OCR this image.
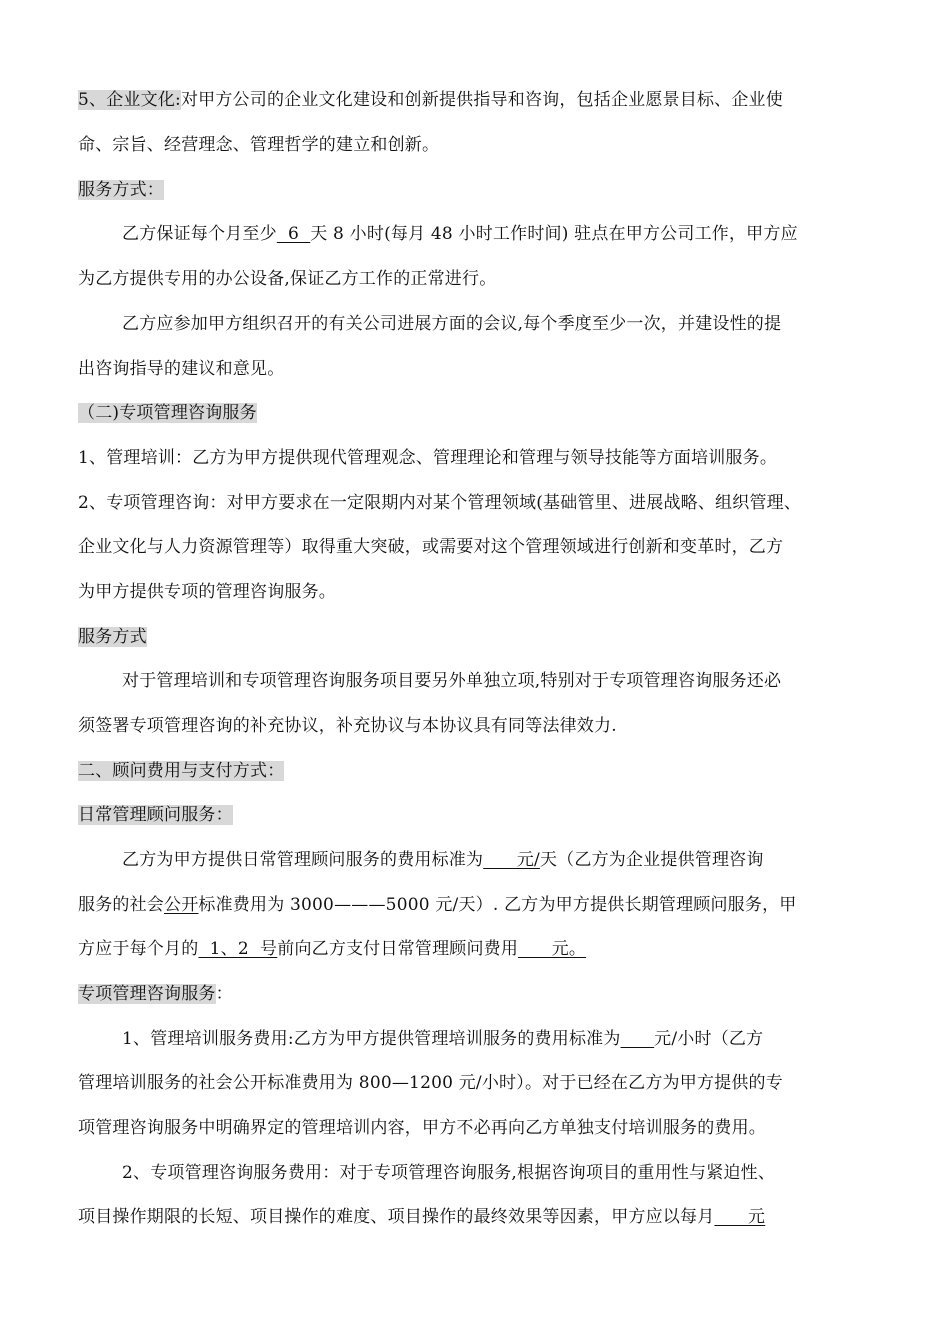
5、企业文化:对甲方公司的企业文化建设和创新提供指导和咨询，包括企业愿景目标、企业使
命、宗旨、经营理念、管理哲学的建立和创新。
服务方式：
乙方保证每个月至少  6  天 8 小时(每月 48 小时工作时间) 驻点在甲方公司工作，甲方应
为乙方提供专用的办公设备,保证乙方工作的正常进行。
乙方应参加甲方组织召开的有关公司进展方面的会议,每个季度至少一次，并建设性的提
出咨询指导的建议和意见。
（二)专项管理咨询服务
1、管理培训：乙方为甲方提供现代管理观念、管理理论和管理与领导技能等方面培训服务。
2、专项管理咨询：对甲方要求在一定限期内对某个管理领域(基础管里、进展战略、组织管理、
企业文化与人力资源管理等）取得重大突破，或需要对这个管理领域进行创新和变革时，乙方
为甲方提供专项的管理咨询服务。
服务方式
对于管理培训和专项管理咨询服务项目要另外单独立项,特别对于专项管理咨询服务还必
须签署专项管理咨询的补充协议，补充协议与本协议具有同等法律效力.
二、顾问费用与支付方式：
日常管理顾问服务：
乙方为甲方提供日常管理顾问服务的费用标准为      元/天（乙方为企业提供管理咨询
服务的社会公开标准费用为 3000———5000 元/天）. 乙方为甲方提供长期管理顾问服务，甲
方应于每个月的  1、2  号前向乙方支付日常管理顾问费用      元。
专项管理咨询服务：
1、管理培训服务费用:乙方为甲方提供管理培训服务的费用标准为 元/小时（乙方
管理培训服务的社会公开标准费用为 800—1200 元/小时）。对于已经在乙方为甲方提供的专
项管理咨询服务中明确界定的管理培训内容，甲方不必再向乙方单独支付培训服务的费用。
2、专项管理咨询服务费用：对于专项管理咨询服务,根据咨询项目的重用性与紧迫性、
项目操作期限的长短、项目操作的难度、项目操作的最终效果等因素，甲方应以每月      元
